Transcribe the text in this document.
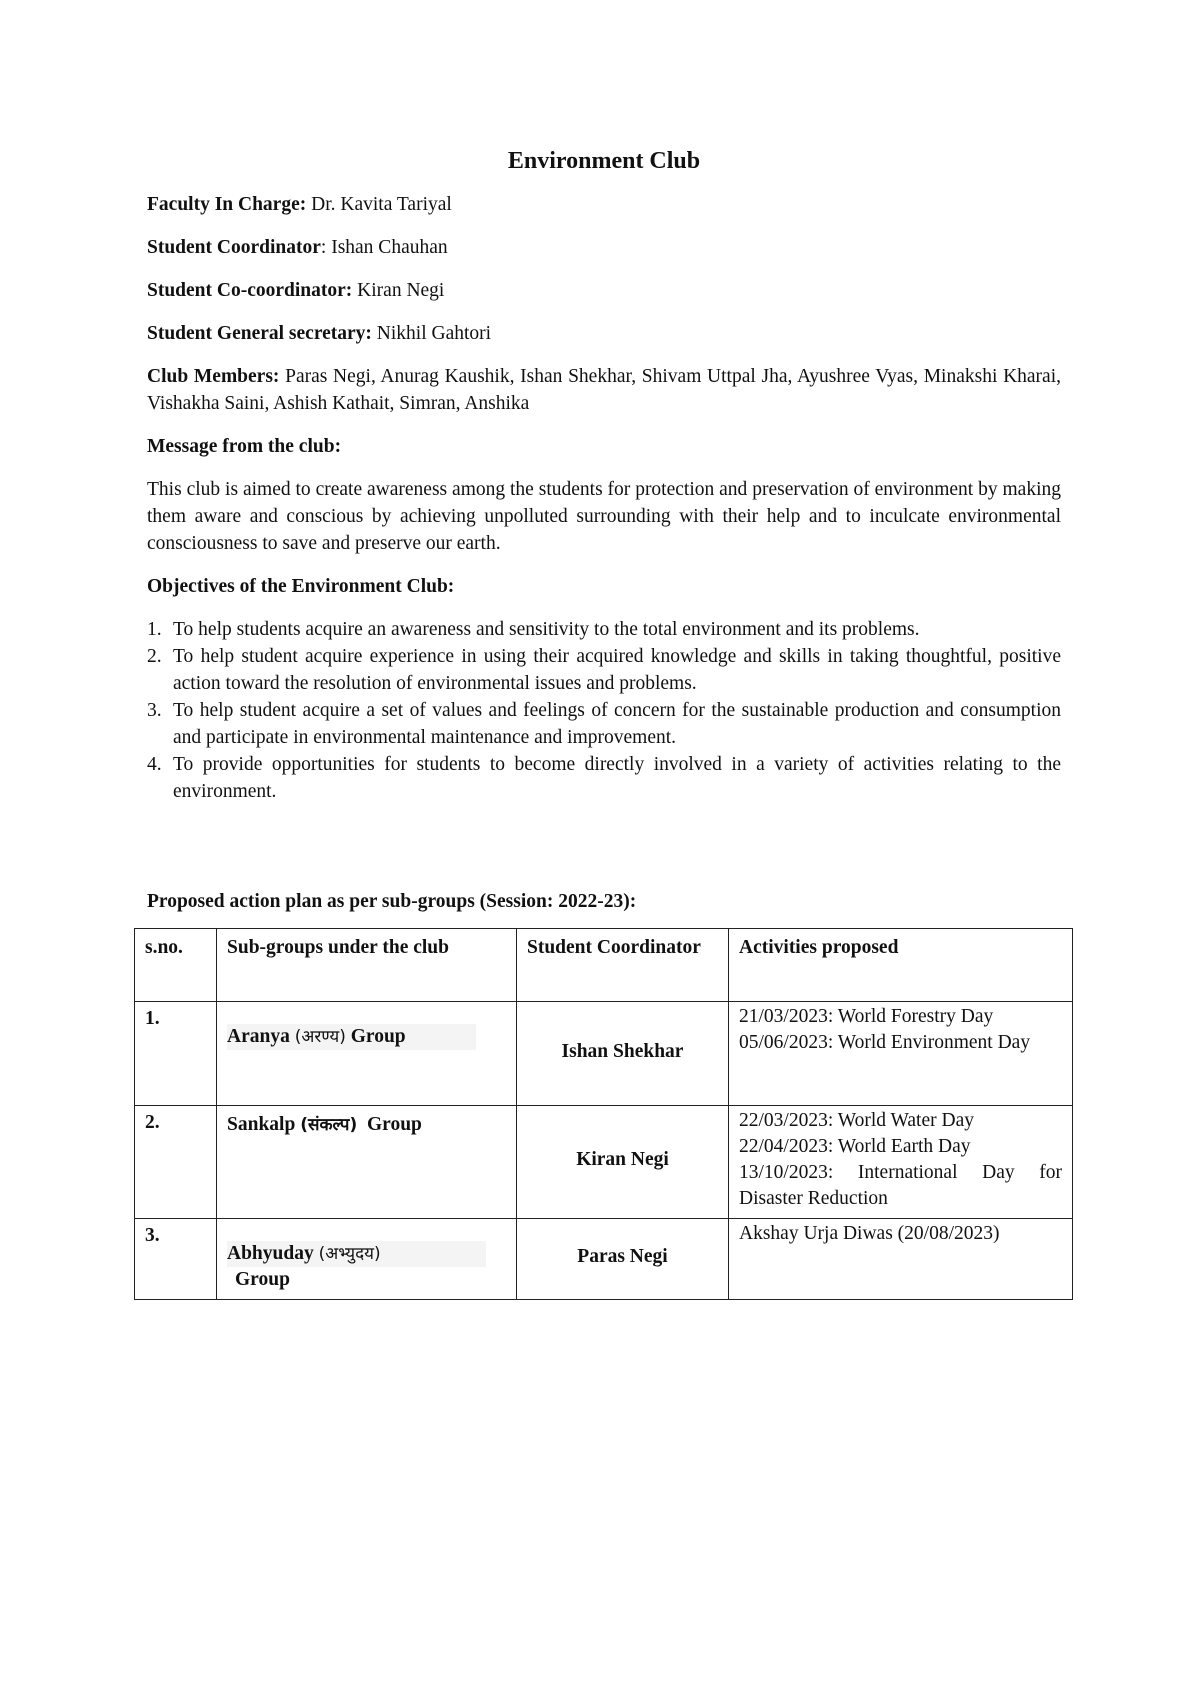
Environment Club
Faculty In Charge: Dr. Kavita Tariyal
Student Coordinator: Ishan Chauhan
Student Co-coordinator: Kiran Negi
Student General secretary: Nikhil Gahtori
Club Members: Paras Negi, Anurag Kaushik, Ishan Shekhar, Shivam Uttpal Jha, Ayushree Vyas, Minakshi Kharai, Vishakha Saini, Ashish Kathait, Simran, Anshika
Message from the club:
This club is aimed to create awareness among the students for protection and preservation of environment by making them aware and conscious by achieving unpolluted surrounding with their help and to inculcate environmental consciousness to save and preserve our earth.
Objectives of the Environment Club:
1. To help students acquire an awareness and sensitivity to the total environment and its problems.
2. To help student acquire experience in using their acquired knowledge and skills in taking thoughtful, positive action toward the resolution of environmental issues and problems.
3. To help student acquire a set of values and feelings of concern for the sustainable production and consumption and participate in environmental maintenance and improvement.
4. To provide opportunities for students to become directly involved in a variety of activities relating to the environment.
Proposed action plan as per sub-groups (Session: 2022-23):
s.no.	Sub-groups under the club	Student Coordinator	Activities proposed
1.	Aranya (अरण्य) Group	Ishan Shekhar	21/03/2023: World Forestry Day
05/06/2023: World Environment Day

2.	Sankalp (संकल्प)  Group	Kiran Negi	22/03/2023: World Water Day
22/04/2023: World Earth Day
13/10/2023: International Day for Disaster Reduction

3.	Abhyuday (अभ्युदय)
Group	Paras Negi	Akshay Urja Diwas (20/08/2023)
